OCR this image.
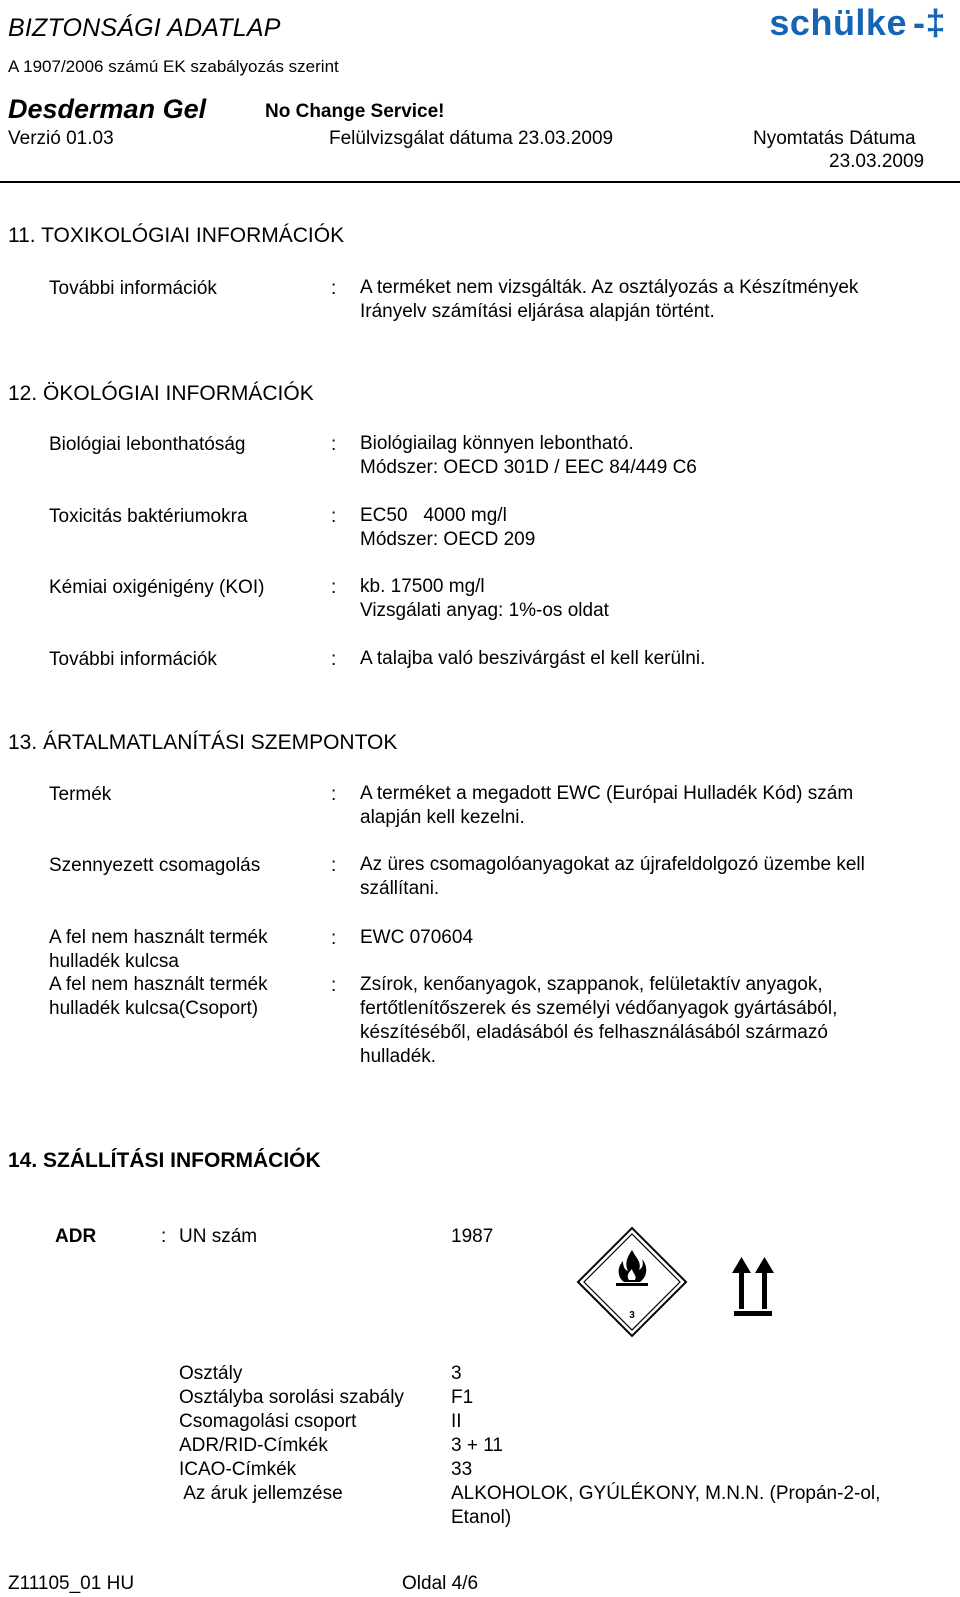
BIZTONSÁGI ADATLAP
A 1907/2006 számú EK szabályozás szerint
schülke -‡
Desderman Gel	No Change Service!
Verzió 01.03	Felülvizsgálat dátuma 23.03.2009	Nyomtatás Dátuma
23.03.2009
11. TOXIKOLÓGIAI INFORMÁCIÓK
További információk	: A terméket nem vizsgálták. Az osztályozás a Készítmények
Irányelv számítási eljárása alapján történt.
12. ÖKOLÓGIAI INFORMÁCIÓK
Biológiai lebonthatóság	: Biológiailag könnyen lebontható.
Módszer: OECD 301D / EEC 84/449 C6
Toxicitás baktériumokra	: EC50   4000 mg/l
Módszer: OECD 209
Kémiai oxigénigény (KOI)	: kb. 17500 mg/l
Vizsgálati anyag: 1%-os oldat
További információk	: A talajba való beszivárgást el kell kerülni.
13. ÁRTALMATLANÍTÁSI SZEMPONTOK
Termék	: A terméket a megadott EWC (Európai Hulladék Kód) szám
alapján kell kezelni.
Szennyezett csomagolás	: Az üres csomagolóanyagokat az újrafeldolgozó üzembe kell
szállítani.
A fel nem használt termék
hulladék kulcsa
: EWC 070604
A fel nem használt termék
hulladék kulcsa(Csoport)
: Zsírok, kenőanyagok, szappanok, felületaktív anyagok,
fertőtlenítőszerek és személyi védőanyagok gyártásából,
készítéséből, eladásából és felhasználásából származó
hulladék.
14. SZÁLLÍTÁSI INFORMÁCIÓK
ADR	: UN szám	1987
3
Osztály	3
Osztályba sorolási szabály F1
Csomagolási csoport	II
ADR/RID-Címkék	3 + 11
ICAO-Címkék	33
Az áruk jellemzése	ALKOHOLOK, GYÚLÉKONY, M.N.N. (Propán-2-ol,
Etanol)
Z11105_01 HU	Oldal 4/6
